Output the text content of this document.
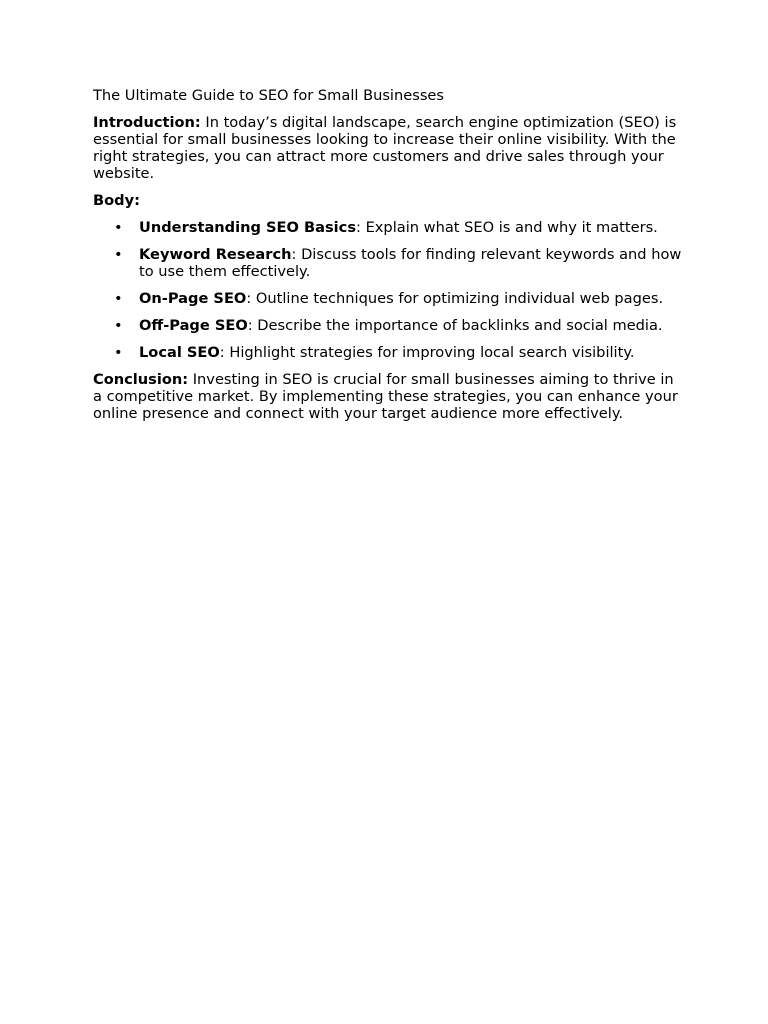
The Ultimate Guide to SEO for Small Businesses

Introduction: In today’s digital landscape, search engine optimization (SEO) is essential for small businesses looking to increase their online visibility. With the right strategies, you can attract more customers and drive sales through your website.

Body:

• Understanding SEO Basics: Explain what SEO is and why it matters.
• Keyword Research: Discuss tools for finding relevant keywords and how to use them effectively.
• On-Page SEO: Outline techniques for optimizing individual web pages.
• Off-Page SEO: Describe the importance of backlinks and social media.
• Local SEO: Highlight strategies for improving local search visibility.

Conclusion: Investing in SEO is crucial for small businesses aiming to thrive in a competitive market. By implementing these strategies, you can enhance your online presence and connect with your target audience more effectively.
